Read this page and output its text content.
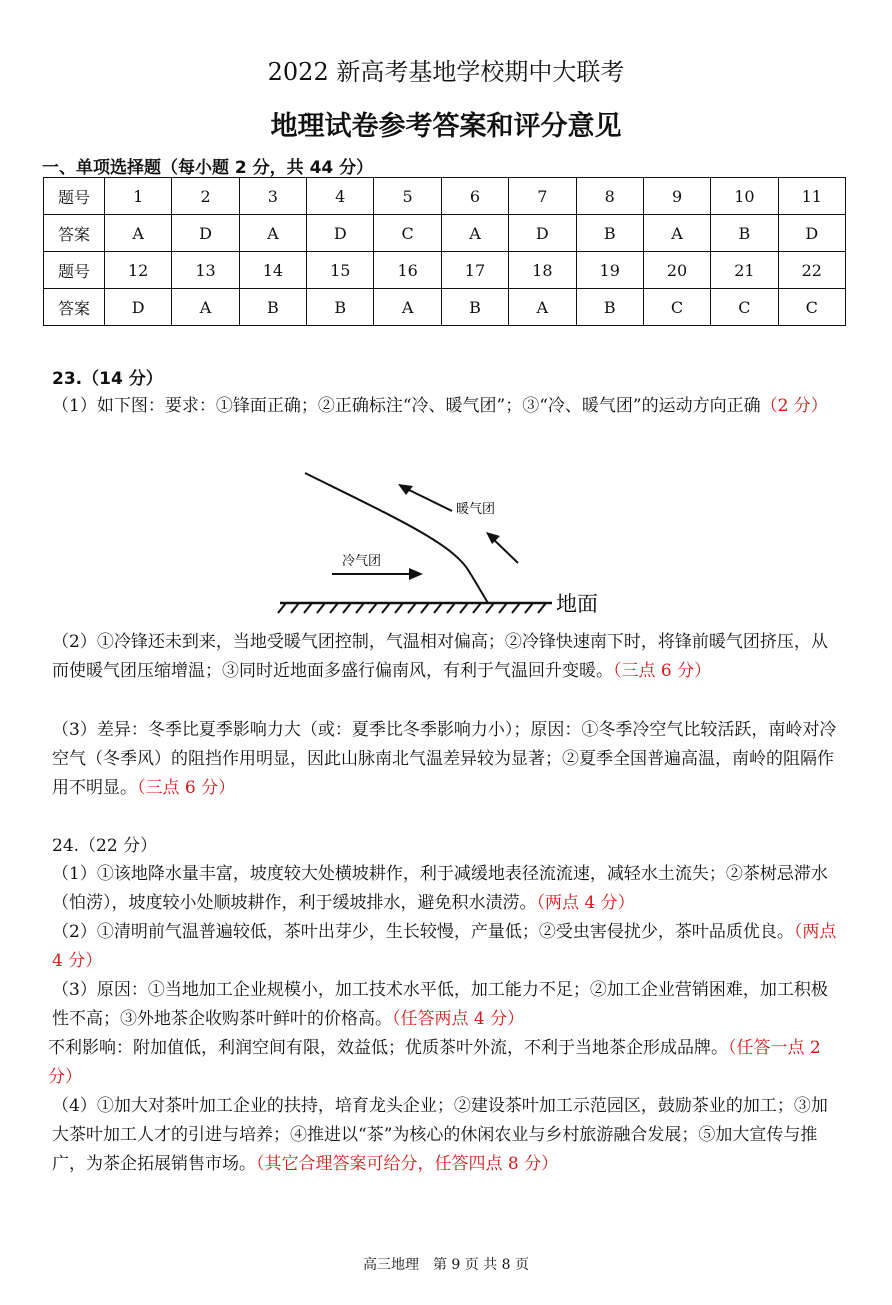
2022 新高考基地学校期中大联考
地理试卷参考答案和评分意见
一、单项选择题（每小题 2 分，共 44 分）
题号	1	2	3	4	5	6	7	8	9	10	11
答案	A	D	A	D	C	A	D	B	A	B	D
题号	12	13	14	15	16	17	18	19	20	21	22
答案	D	A	B	B	A	B	A	B	C	C	C
23.（14 分）
（1）如下图：要求：①锋面正确；②正确标注“冷、暖气团”；③“冷、暖气团”的运动方向正确（2 分）
暖气团
冷气团
地面
（2）①冷锋还未到来，当地受暖气团控制，气温相对偏高；②冷锋快速南下时，将锋前暖气团挤压，从而使暖气团压缩增温；③同时近地面多盛行偏南风，有利于气温回升变暖。（三点 6 分）
（3）差异：冬季比夏季影响力大（或：夏季比冬季影响力小）；原因：①冬季冷空气比较活跃，南岭对冷空气（冬季风）的阻挡作用明显，因此山脉南北气温差异较为显著；②夏季全国普遍高温，南岭的阻隔作用不明显。（三点 6 分）
24.（22 分）
（1）①该地降水量丰富，坡度较大处横坡耕作，利于减缓地表径流流速，减轻水土流失；②茶树忌滞水（怕涝），坡度较小处顺坡耕作，利于缓坡排水，避免积水渍涝。（两点 4 分）
（2）①清明前气温普遍较低，茶叶出芽少，生长较慢，产量低；②受虫害侵扰少，茶叶品质优良。（两点 4 分）
（3）原因：①当地加工企业规模小，加工技术水平低，加工能力不足；②加工企业营销困难，加工积极性不高；③外地茶企收购茶叶鲜叶的价格高。（任答两点 4 分）
不利影响：附加值低，利润空间有限，效益低；优质茶叶外流，不利于当地茶企形成品牌。（任答一点 2 分）
（4）①加大对茶叶加工企业的扶持，培育龙头企业；②建设茶叶加工示范园区，鼓励茶业的加工；③加大茶叶加工人才的引进与培养；④推进以“茶”为核心的休闲农业与乡村旅游融合发展；⑤加大宣传与推广，为茶企拓展销售市场。（其它合理答案可给分，任答四点 8 分）
高三地理　第 9 页 共 8 页
